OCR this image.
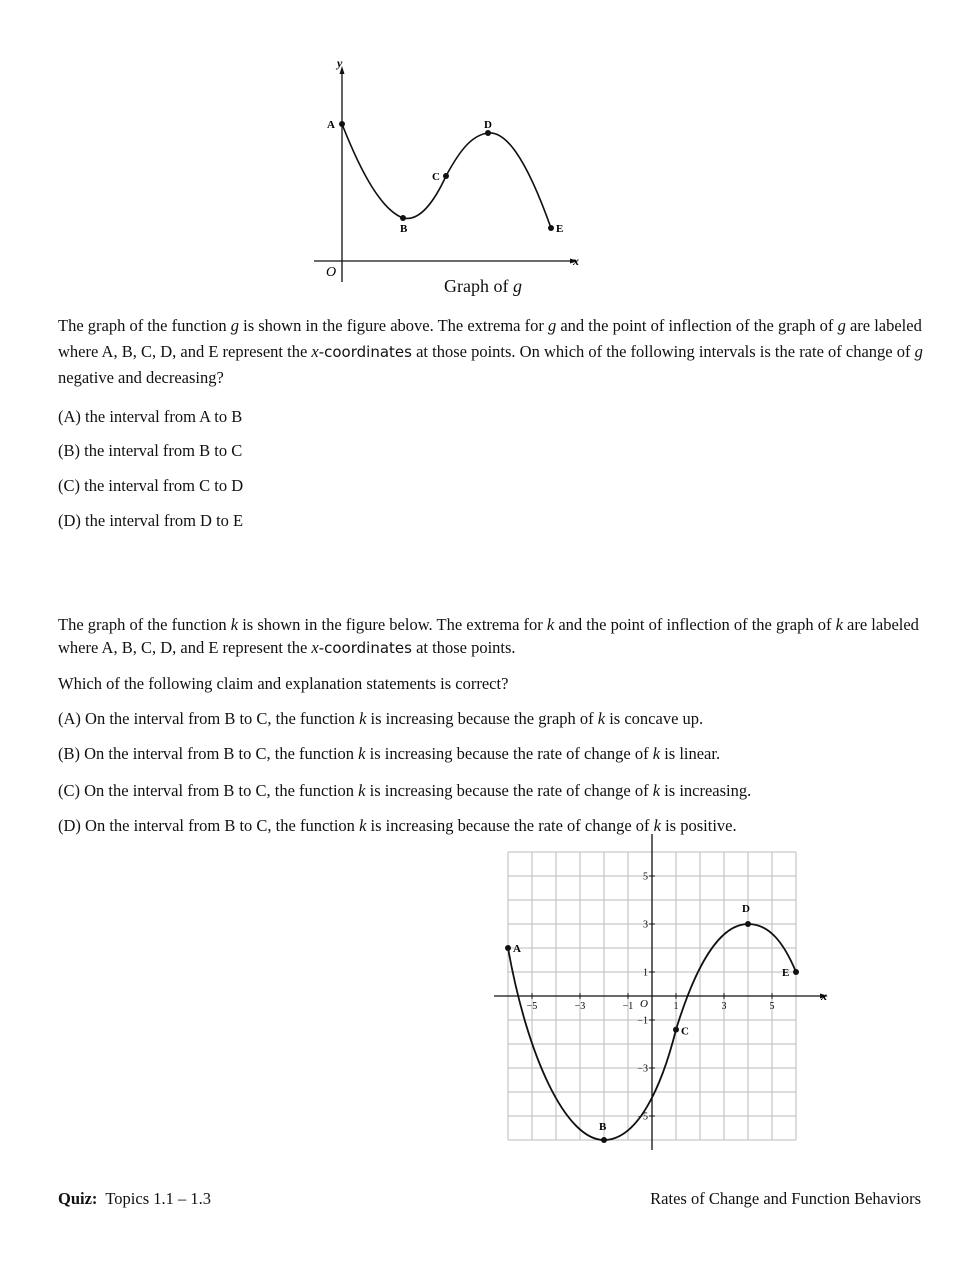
y
x
O
A
B
C
D
E
Graph of g
The graph of the function g is shown in the figure above. The extrema for g and the point of inflection of the graph of g are labeled where A, B, C, D, and E represent the x-coordinates at those points. On which of the following intervals is the rate of change of g negative and decreasing?
(A) the interval from A to B
(B) the interval from B to C
(C) the interval from C to D
(D) the interval from D to E
The graph of the function k is shown in the figure below. The extrema for k and the point of inflection of the graph of k are labeled where A, B, C, D, and E represent the x-coordinates at those points.
Which of the following claim and explanation statements is correct?
(A) On the interval from B to C, the function k is increasing because the graph of k is concave up.
(B) On the interval from B to C, the function k is increasing because the rate of change of k is linear.
(C) On the interval from B to C, the function k is increasing because the rate of change of k is increasing.
(D) On the interval from B to C, the function k is increasing because the rate of change of k is positive.
x
O
−5	−3	−1	1	3	5
5
3
1
−1
−3
−5
A
B
C
D
E
Quiz: Topics 1.1 – 1.3	Rates of Change and Function Behaviors
